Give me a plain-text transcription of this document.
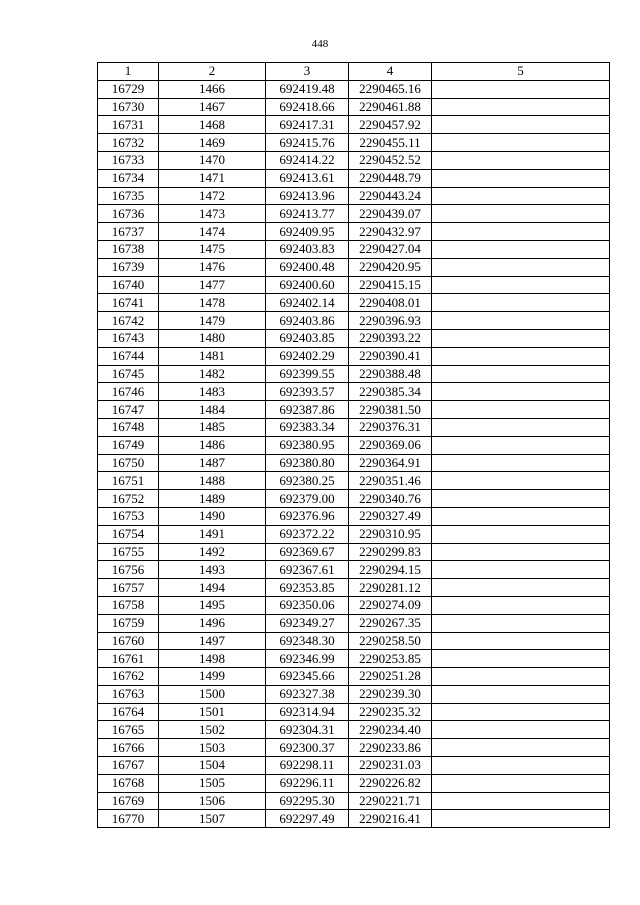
448
1	2	3	4	5
16729	1466	692419.48	2290465.16	
16730	1467	692418.66	2290461.88	
16731	1468	692417.31	2290457.92	
16732	1469	692415.76	2290455.11	
16733	1470	692414.22	2290452.52	
16734	1471	692413.61	2290448.79	
16735	1472	692413.96	2290443.24	
16736	1473	692413.77	2290439.07	
16737	1474	692409.95	2290432.97	
16738	1475	692403.83	2290427.04	
16739	1476	692400.48	2290420.95	
16740	1477	692400.60	2290415.15	
16741	1478	692402.14	2290408.01	
16742	1479	692403.86	2290396.93	
16743	1480	692403.85	2290393.22	
16744	1481	692402.29	2290390.41	
16745	1482	692399.55	2290388.48	
16746	1483	692393.57	2290385.34	
16747	1484	692387.86	2290381.50	
16748	1485	692383.34	2290376.31	
16749	1486	692380.95	2290369.06	
16750	1487	692380.80	2290364.91	
16751	1488	692380.25	2290351.46	
16752	1489	692379.00	2290340.76	
16753	1490	692376.96	2290327.49	
16754	1491	692372.22	2290310.95	
16755	1492	692369.67	2290299.83	
16756	1493	692367.61	2290294.15	
16757	1494	692353.85	2290281.12	
16758	1495	692350.06	2290274.09	
16759	1496	692349.27	2290267.35	
16760	1497	692348.30	2290258.50	
16761	1498	692346.99	2290253.85	
16762	1499	692345.66	2290251.28	
16763	1500	692327.38	2290239.30	
16764	1501	692314.94	2290235.32	
16765	1502	692304.31	2290234.40	
16766	1503	692300.37	2290233.86	
16767	1504	692298.11	2290231.03	
16768	1505	692296.11	2290226.82	
16769	1506	692295.30	2290221.71	
16770	1507	692297.49	2290216.41	
